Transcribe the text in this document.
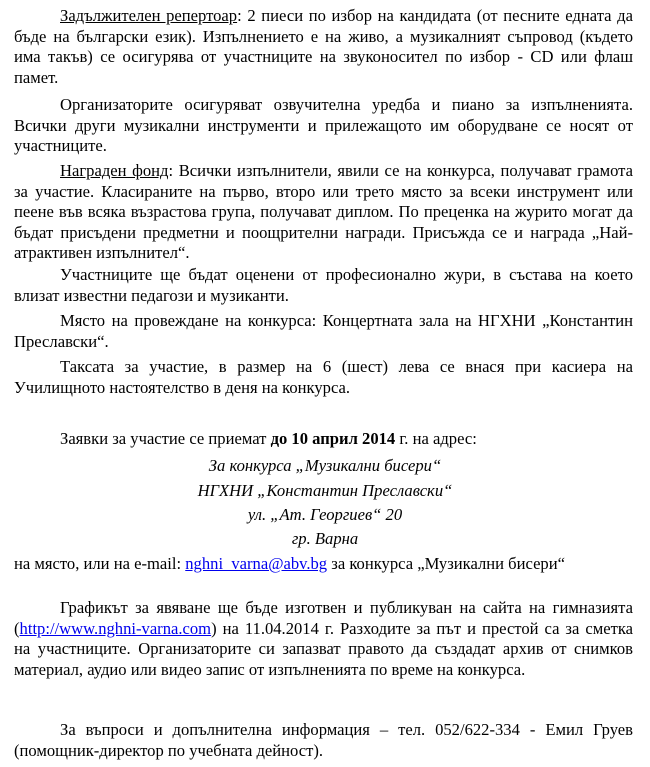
Задължителен репертоар: 2 пиеси по избор на кандидата (от песните едната да бъде на български език). Изпълнението е на живо, а музикалният съпровод (където има такъв) се осигурява от участниците на звуконосител по избор - CD или флаш памет.

Организаторите осигуряват озвучителна уредба и пиано за изпълненията. Всички други музикални инструменти и прилежащото им оборудване се носят от участниците.

Награден фонд: Всички изпълнители, явили се на конкурса, получават грамота за участие. Класираните на първо, второ или трето място за всеки инструмент или пеене във всяка възрастова група, получават диплом. По преценка на журито могат да бъдат присъдени предметни и поощрителни награди. Присъжда се и награда „Най-атрактивен изпълнител“.

Участниците ще бъдат оценени от професионално жури, в състава на което влизат известни педагози и музиканти.

Място на провеждане на конкурса: Концертната зала на НГХНИ „Константин Преславски“.

Таксата за участие, в размер на 6 (шест) лева се внася при касиера на Училищното настоятелство в деня на конкурса.

Заявки за участие се приемат до 10 април 2014 г. на адрес:

За конкурса „Музикални бисери“

НГХНИ „Константин Преславски“

ул. „Ат. Георгиев“ 20

гр. Варна

на място, или на e-mail: nghni_varna@abv.bg за конкурса „Музикални бисери“

Графикът за явяване ще бъде изготвен и публикуван на сайта на гимназията (http://www.nghni-varna.com) на 11.04.2014 г. Разходите за път и престой са за сметка на участниците. Организаторите си запазват правото да създадат архив от снимков материал, аудио или видео запис от изпълненията по време на конкурса.

За въпроси и допълнителна информация – тел. 052/622-334 - Емил Груев (помощник-директор по учебната дейност).
